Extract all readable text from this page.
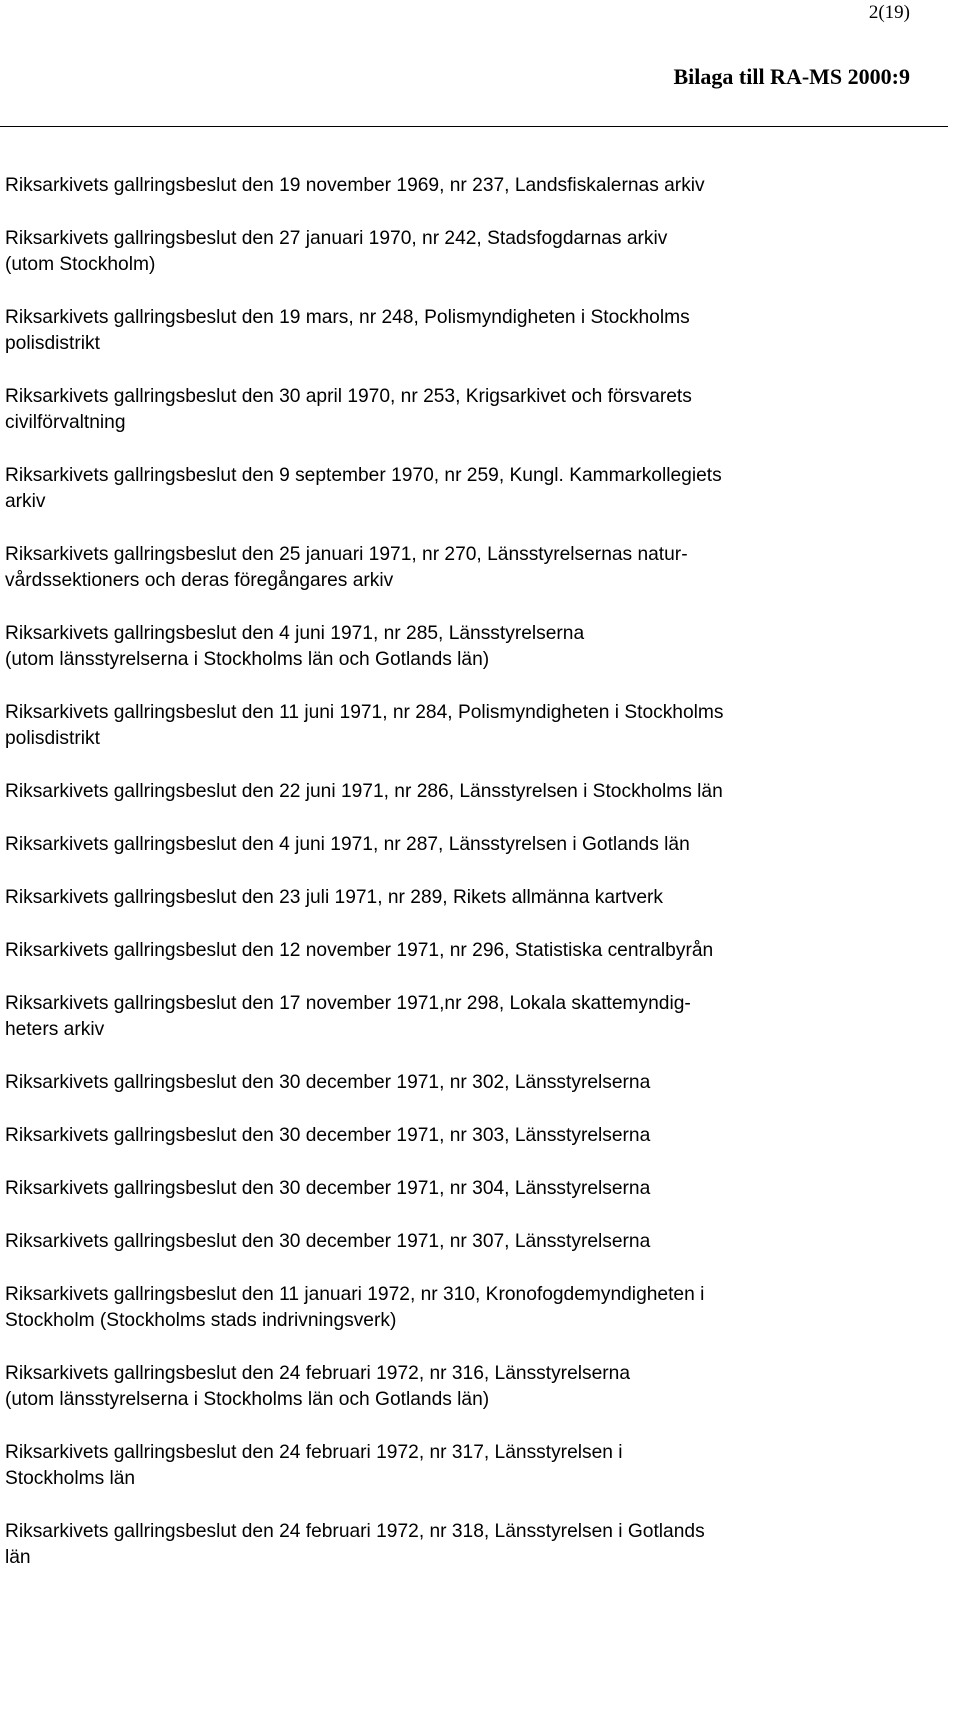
2(19)
Bilaga till RA-MS 2000:9
Riksarkivets gallringsbeslut den 19 november 1969, nr 237, Landsfiskalernas arkiv
Riksarkivets gallringsbeslut den 27 januari 1970, nr 242, Stadsfogdarnas arkiv
(utom Stockholm)
Riksarkivets gallringsbeslut den 19 mars, nr 248, Polismyndigheten i Stockholms
polisdistrikt
Riksarkivets gallringsbeslut den 30 april 1970, nr 253, Krigsarkivet och försvarets
civilförvaltning
Riksarkivets gallringsbeslut den 9 september 1970, nr 259, Kungl. Kammarkollegiets
arkiv
Riksarkivets gallringsbeslut den 25 januari 1971, nr 270, Länsstyrelsernas natur-
vårdssektioners och deras föregångares arkiv
Riksarkivets gallringsbeslut den 4 juni 1971, nr 285, Länsstyrelserna
(utom länsstyrelserna i Stockholms län och Gotlands län)
Riksarkivets gallringsbeslut den 11 juni 1971, nr 284, Polismyndigheten i Stockholms
polisdistrikt
Riksarkivets gallringsbeslut den 22 juni 1971, nr 286, Länsstyrelsen i Stockholms län
Riksarkivets gallringsbeslut den 4 juni 1971, nr 287, Länsstyrelsen i Gotlands län
Riksarkivets gallringsbeslut den 23 juli 1971, nr 289, Rikets allmänna kartverk
Riksarkivets gallringsbeslut den 12 november 1971, nr 296, Statistiska centralbyrån
Riksarkivets gallringsbeslut den 17 november 1971,nr 298, Lokala skattemyndig-
heters arkiv
Riksarkivets gallringsbeslut den 30 december 1971, nr 302, Länsstyrelserna
Riksarkivets gallringsbeslut den 30 december 1971, nr 303, Länsstyrelserna
Riksarkivets gallringsbeslut den 30 december 1971, nr 304, Länsstyrelserna
Riksarkivets gallringsbeslut den 30 december 1971, nr 307, Länsstyrelserna
Riksarkivets gallringsbeslut den 11 januari 1972, nr 310, Kronofogdemyndigheten i
Stockholm (Stockholms stads indrivningsverk)
Riksarkivets gallringsbeslut den 24 februari 1972, nr 316, Länsstyrelserna
(utom länsstyrelserna i Stockholms län och Gotlands län)
Riksarkivets gallringsbeslut den 24 februari 1972, nr 317, Länsstyrelsen i
Stockholms län
Riksarkivets gallringsbeslut den 24 februari 1972, nr 318, Länsstyrelsen i Gotlands
län
